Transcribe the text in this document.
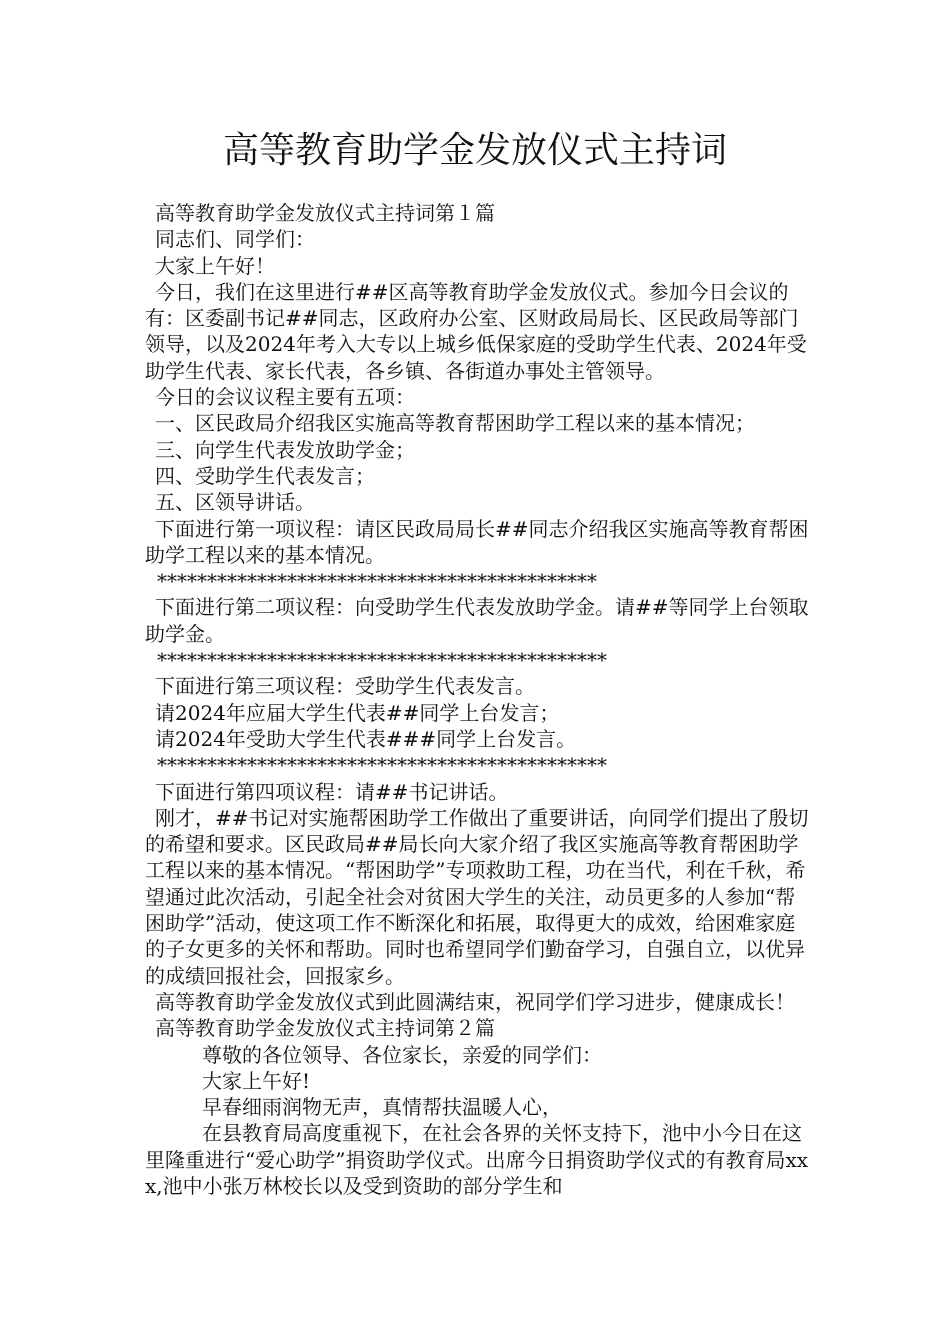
高等教育助学金发放仪式主持词

高等教育助学金发放仪式主持词第１篇

同志们、同学们：

大家上午好！

今日，我们在这里进行##区高等教育助学金发放仪式。参加今日会议的有：区委副书记##同志，区政府办公室、区财政局局长、区民政局等部门领导，以及2024年考入大专以上城乡低保家庭的受助学生代表、2024年受助学生代表、家长代表，各乡镇、各街道办事处主管领导。

今日的会议议程主要有五项：

一、区民政局介绍我区实施高等教育帮困助学工程以来的基本情况；

三、向学生代表发放助学金；

四、受助学生代表发言；

五、区领导讲话。

下面进行第一项议程：请区民政局局长##同志介绍我区实施高等教育帮困助学工程以来的基本情况。

********************************************

下面进行第二项议程：向受助学生代表发放助学金。请##等同学上台领取助学金。

*********************************************

下面进行第三项议程：受助学生代表发言。

请2024年应届大学生代表##同学上台发言；

请2024年受助大学生代表###同学上台发言。

*********************************************

下面进行第四项议程：请##书记讲话。

刚才，##书记对实施帮困助学工作做出了重要讲话，向同学们提出了殷切的希望和要求。区民政局##局长向大家介绍了我区实施高等教育帮困助学工程以来的基本情况。“帮困助学”专项救助工程，功在当代，利在千秋，希望通过此次活动，引起全社会对贫困大学生的关注，动员更多的人参加“帮困助学”活动，使这项工作不断深化和拓展，取得更大的成效，给困难家庭的子女更多的关怀和帮助。同时也希望同学们勤奋学习，自强自立，以优异的成绩回报社会，回报家乡。

高等教育助学金发放仪式到此圆满结束，祝同学们学习进步，健康成长！

高等教育助学金发放仪式主持词第２篇

尊敬的各位领导、各位家长，亲爱的同学们：

大家上午好!

早春细雨润物无声，真情帮扶温暖人心，

在县教育局高度重视下，在社会各界的关怀支持下，池中小今日在这里隆重进行“爱心助学”捐资助学仪式。出席今日捐资助学仪式的有教育局xxx,池中小张万林校长以及受到资助的部分学生和
